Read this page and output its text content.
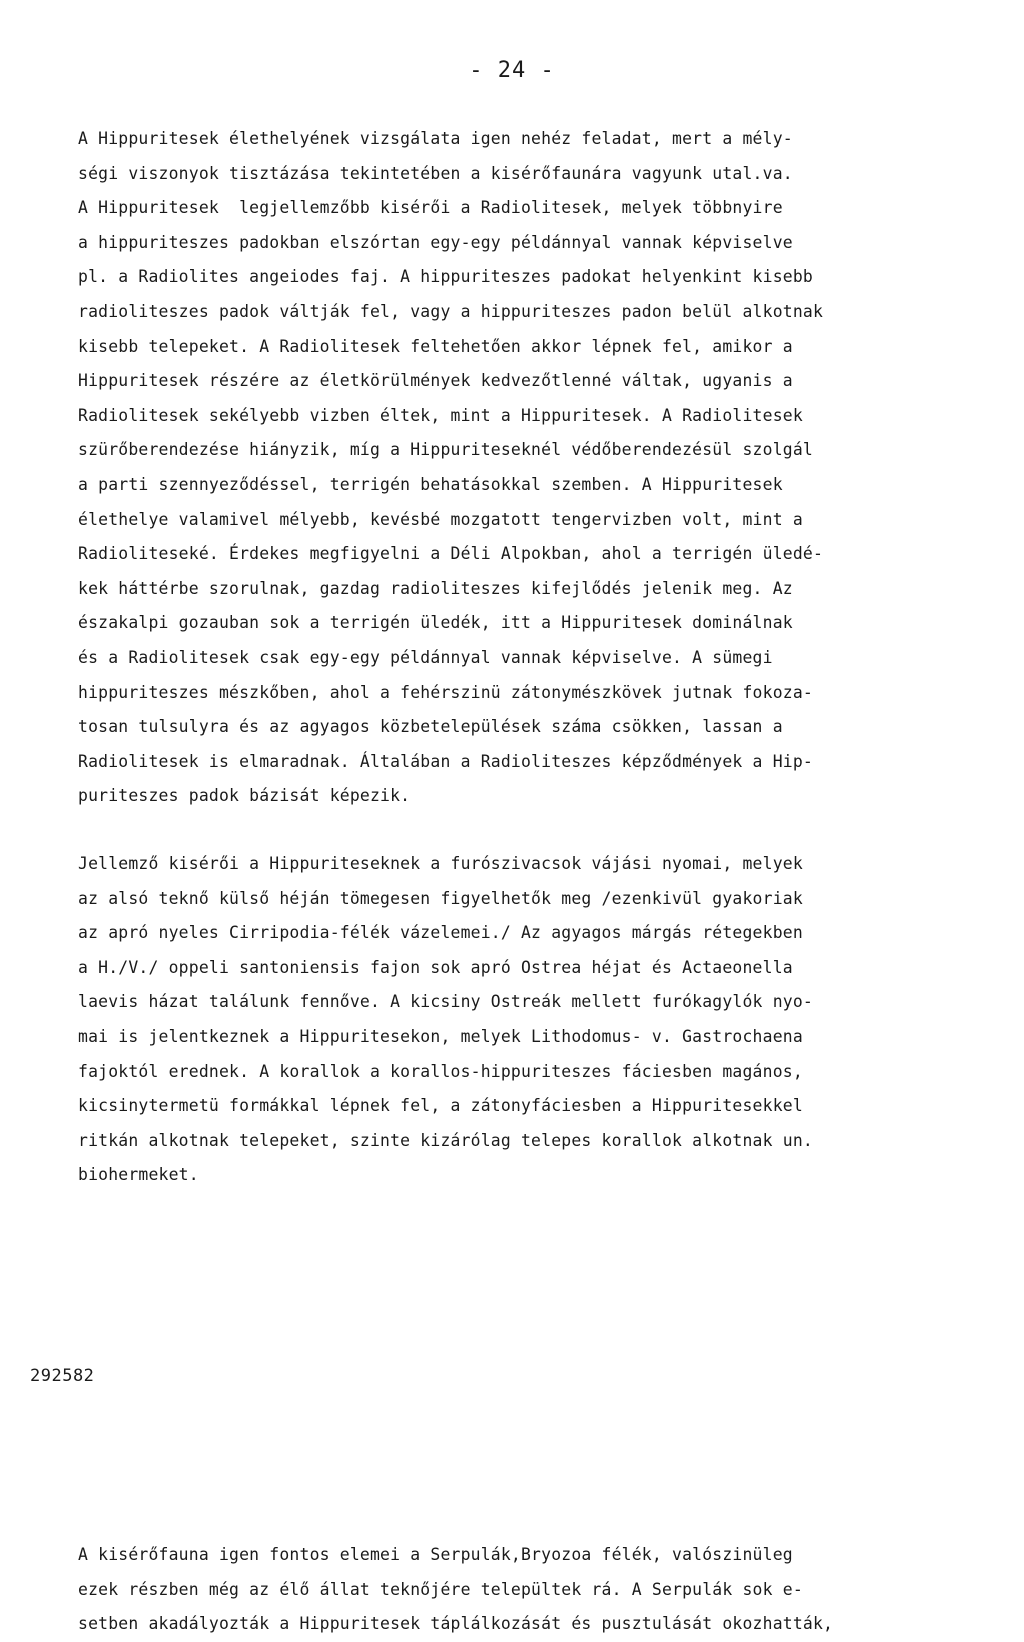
- 24 -
A Hippuritesek élethelyének vizsgálata igen nehéz feladat, mert a mély-
ségi viszonyok tisztázása tekintetében a kisérőfaunára vagyunk utal.va.
A Hippuritesek  legjellemzőbb kisérői a Radiolitesek, melyek többnyire
a hippuriteszes padokban elszórtan egy-egy példánnyal vannak képviselve
pl. a Radiolites angeiodes faj. A hippuriteszes padokat helyenkint kisebb
radioliteszes padok váltják fel, vagy a hippuriteszes padon belül alkotnak
kisebb telepeket. A Radiolitesek feltehetően akkor lépnek fel, amikor a
Hippuritesek részére az életkörülmények kedvezőtlenné váltak, ugyanis a
Radiolitesek sekélyebb vizben éltek, mint a Hippuritesek. A Radiolitesek
szürőberendezése hiányzik, míg a Hippuriteseknél védőberendezésül szolgál
a parti szennyeződéssel, terrigén behatásokkal szemben. A Hippuritesek
élethelye valamivel mélyebb, kevésbé mozgatott tengervizben volt, mint a
Radioliteseké. Érdekes megfigyelni a Déli Alpokban, ahol a terrigén üledé-
kek háttérbe szorulnak, gazdag radioliteszes kifejlődés jelenik meg. Az
északalpi gozauban sok a terrigén üledék, itt a Hippuritesek dominálnak
és a Radiolitesek csak egy-egy példánnyal vannak képviselve. A sümegi
hippuriteszes mészkőben, ahol a fehérszinü zátonymészkövek jutnak fokoza-
tosan tulsulyra és az agyagos közbetelepülések száma csökken, lassan a
Radiolitesek is elmaradnak. Általában a Radioliteszes képződmények a Hip-
puriteszes padok bázisát képezik.
Jellemző kisérői a Hippuriteseknek a furószivacsok vájási nyomai, melyek
az alsó teknő külső héján tömegesen figyelhetők meg /ezenkivül gyakoriak
az apró nyeles Cirripodia-félék vázelemei./ Az agyagos márgás rétegekben
a H./V./ oppeli santoniensis fajon sok apró Ostrea héjat és Actaeonella
laevis házat találunk fennőve. A kicsiny Ostreák mellett furókagylók nyo-
mai is jelentkeznek a Hippuritesekon, melyek Lithodomus- v. Gastrochaena
fajoktól erednek. A korallok a korallos-hippuriteszes fáciesben magános,
kicsinytermetü formákkal lépnek fel, a zátonyfáciesben a Hippuritesekkel
ritkán alkotnak telepeket, szinte kizárólag telepes korallok alkotnak un.
biohermeket.
A kisérőfauna igen fontos elemei a Serpulák,Bryozoa félék, valószinüleg
ezek részben még az élő állat teknőjére települtek rá. A Serpulák sok e-
setben akadályozták a Hippuritesek táplálkozását és pusztulását okozhatták,
292582
